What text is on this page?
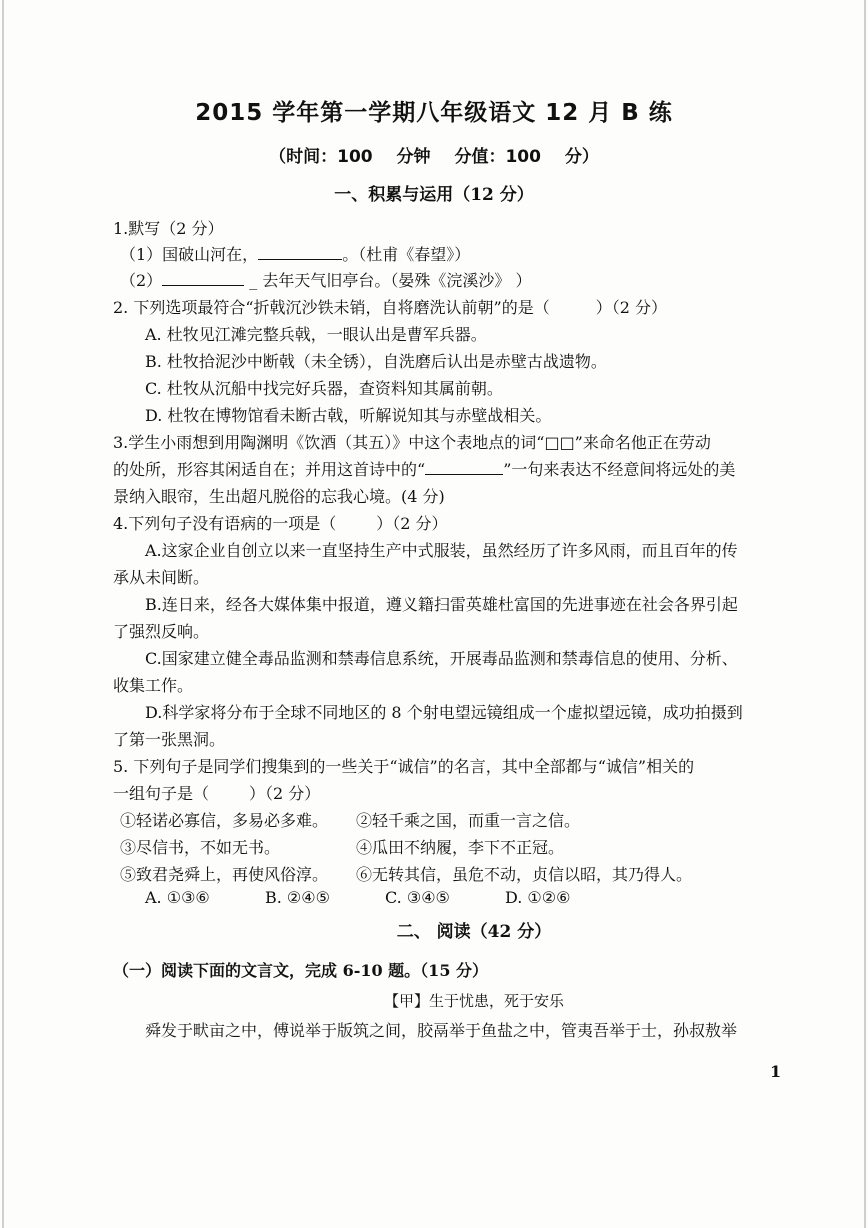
2015 学年第一学期八年级语文 12 月 B 练
（时间：100 分钟 分值：100 分）
一、积累与运用（12 分）
1.默写（2 分）
（1）国破山河在，	。（杜甫《春望》）
（2）	_ 去年天气旧亭台。（晏殊《浣溪沙》 ）
2. 下列选项最符合“折戟沉沙铁未销，自将磨洗认前朝”的是（	）（2 分）
A. 杜牧见江滩完整兵戟，一眼认出是曹军兵器。
B. 杜牧拾泥沙中断戟（未全锈），自洗磨后认出是赤壁古战遗物。
C. 杜牧从沉船中找完好兵器，查资料知其属前朝。
D. 杜牧在博物馆看未断古戟，听解说知其与赤壁战相关。
3.学生小雨想到用陶渊明《饮酒（其五）》中这个表地点的词“□□”来命名他正在劳动
的处所，形容其闲适自在；并用这首诗中的“	”一句来表达不经意间将远处的美
景纳入眼帘，生出超凡脱俗的忘我心境。(4 分)
4.下列句子没有语病的一项是（	）（2 分）
A.这家企业自创立以来一直坚持生产中式服装，虽然经历了许多风雨，而且百年的传
承从未间断。
B.连日来，经各大媒体集中报道，遵义籍扫雷英雄杜富国的先进事迹在社会各界引起
了强烈反响。
C.国家建立健全毒品监测和禁毒信息系统，开展毒品监测和禁毒信息的使用、分析、
收集工作。
D.科学家将分布于全球不同地区的 8 个射电望远镜组成一个虚拟望远镜，成功拍摄到
了第一张黑洞。
5. 下列句子是同学们搜集到的一些关于“诚信”的名言，其中全部都与“诚信”相关的
一组句子是（	）（2 分）
①轻诺必寡信，多易必多难。 ②轻千乘之国，而重一言之信。
③尽信书，不如无书。	④瓜田不纳履，李下不正冠。
⑤致君尧舜上，再使风俗淳。 ⑥无转其信，虽危不动，贞信以昭，其乃得人。
A. ①③⑥	B. ②④⑤	C. ③④⑤	D. ①②⑥
二、 阅读（42 分）
（一）阅读下面的文言文，完成 6-10 题。（15 分）
【甲】生于忧患，死于安乐
舜发于畎亩之中，傅说举于版筑之间，胶鬲举于鱼盐之中，管夷吾举于士，孙叔敖举
1
